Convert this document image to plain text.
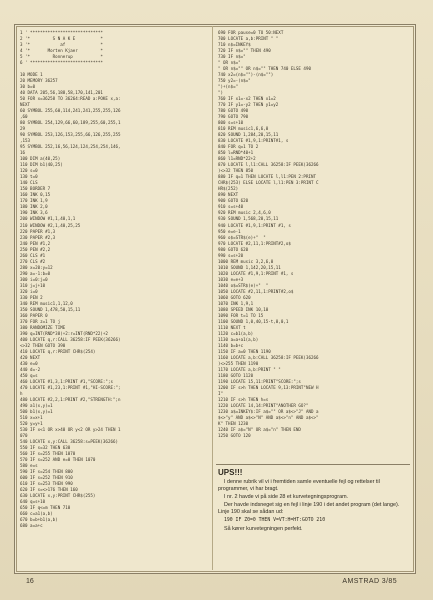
1 ' *****************************
2 '*         S N A K E          *
3 '*            af              *
4 '*       Morten Kjaer         *
5 '*         Ronnerup           *
6 ' *****************************
10 MODE 1
20 MEMORY 36257
30 b=0
40 DATA 205,56,188,58,170,141,201
50 FOR x=36258 TO 36264:READ a:POKE x,a:
NEXT
60 SYMBOL 255,60,114,241,241,255,255,126
,60
80 SYMBOL 254,129,66,60,189,255,60,255,1
29
90 SYMBOL 253,126,153,255,66,126,255,255
,153
95 SYMBOL 252,16,56,124,124,254,254,146,
16
100 DIM a(40,25)
110 DIM b1(40,25)
120 s=0
130 t=0
140 CLS
150 BORDER 7
160 INK 0,15
170 INK 1,9
180 INK 2,0
190 INK 3,6
200 WINDOW #1,1,40,1,1
210 WINDOW #2,1,40,25,25
220 PAPER #1,3
230 PAPER #2,3
240 PEN #1,2
250 PEN #2,2
260 CLS #1
270 CLS #2
280 x=20:y=12
290 a=-1:b=0
300 i=0:j=0
310 j=j+10
320 i=0
330 PEN 2
340 REM music1,1,12,0
350 SOUND 1,478,50,15,11
360 PAPER 0
370 FOR z=1 TO j
380 RANDOMIZE TIME
390 q=INT(RND*38)+2:r=INT(RND*22)+2
400 LOCATE q,r:CALL 36258:IF PEEK(36266)
<>32 THEN GOTO 390
410 LOCATE q,r:PRINT CHR$(254)
420 NEXT
430 e=0
440 d=-2
450 q=s
460 LOCATE #1,3,1:PRINT #1,"SCORE:";s
470 LOCATE #1,23,1:PRINT #1,"HI-SCORE:";
h
480 LOCATE #2,2,1:PRINT #2,"STRENGTH:";n
490 a1(x,y)=1
500 b1(x,y)=1
510 x=x+1
520 y=y+1
530 IF x<1 OR x>40 OR y<2 OR y>24 THEN 1
070
540 LOCATE x,y:CALL 36258:s=PEEK(36266)
550 IF s=32 THEN 630
560 IF s=255 THEN 1070
570 IF s=252 AND e=0 THEN 1070
580 e=s
590 IF s=254 THEN 800
600 IF s=252 THEN 910
610 IF s=253 THEN 990
620 IF s=<>176 THEN 160
630 LOCATE x,y:PRINT CHR$(255)
640 q=s+10
650 IF q<=m THEN 710
660 c=a1(a,b)
670 b=b+b1(a,b)
680 a=a+c
690 FOR pause=0 TO 50:NEXT
700 LOCATE a,b:PRINT " "
710 n$=INKEY$
720 IF n$="" THEN 490
730 IF n$="
" OR n$="
" OR n$="" OR n$="" THEN 740 ELSE 490
740 x2=(n$="")-(n$="")
750 y2=-(n$="
")+(n$="
")
760 IF x1=-x2 THEN x1=2
770 IF y1=-y2 THEN y1=y2
780 GOTO 490
790 GOTO 790
800 s=s+10
810 REM music1,6,6,0
820 SOUND 1,284,20,15,11
830 LOCATE #1,9,1:PRINT#1, s
840 FOR q=1 TO 2
850 l=RND*40+1
860 l1=RND*22+2
870 LOCATE l,l1:CALL 36258:IF PEEK(36266
)<>32 THEN 850
880 IF q=1 THEN LOCATE l,l1:PEN 2:PRINT
CHR$(253) ELSE LOCATE l,l1:PEN 3:PRINT C
HR$(252)
890 NEXT
900 GOTO 620
910 s=s+40
920 REM music 2,4,6,0
930 SOUND 1,568,20,15,11
940 LOCATE #1,9,1:PRINT #1, s
950 e=e-1
960 o$=STR$(e)+"  "
970 LOCATE #2,11,1:PRINT#2,o$
980 GOTO 620
990 s=s+20
1000 REM music 3,2,6,0
1010 SOUND 1,142,20,15,11
1020 LOCATE #1,9,1:PRINT #1, s
1030 e=e+3
1040 o$=STR$(e)+"  "
1050 LOCATE #2,11,1:PRINT#2,o$
1060 GOTO 620
1070 INK 1,9,1
1080 SPEED INK 10,10
1090 FOR t=1 TO 15
1100 SOUND 1,0,40,15-t,0,0,1
1110 NEXT t
1120 c=b1(a,b)
1130 a=a+a1(a,b)
1140 b=b+c
1150 IF a=0 THEN 1190
1160 LOCATE a,b:CALL 36258:IF PEEK(36266
)<>255 THEN 1190
1170 LOCATE a,b:PRINT " "
1180 GOTO 1120
1190 LOCATE 15,11:PRINT"SCORE:";s
1200 IF s>h THEN LOCATE 9,13:PRINT"NEW H
I"
1210 IF s>h THEN h=s
1220 LOCATE 14,14:PRINT"ANOTHER GO?"
1230 a$=INKEY$:IF a$="" OR a$<>"J" AND a
$<>"y" AND a$<>"N" AND a$<>"n" AND a$<>"
K" THEN 1230
1240 IF a$="N" OR a$="n" THEN END
1250 GOTO 120
UPS!!!

I denne rubrik vil vi i fremtiden samle eventuelle fejl og rettelser til programmer, vi har bragt.

I nr. 2 havde vi på side 28 et kurvetegningsprogram.

Der havde indsneget sig en fejl i linje 190 i det andet program (det lange). Linje 190 skal se sådan ud:

190 IF Z0=0 THEN V=VT:H=HT:GOTO 210

Så kører kurvetegningen perfekt.

16	AMSTRAD 3/85
